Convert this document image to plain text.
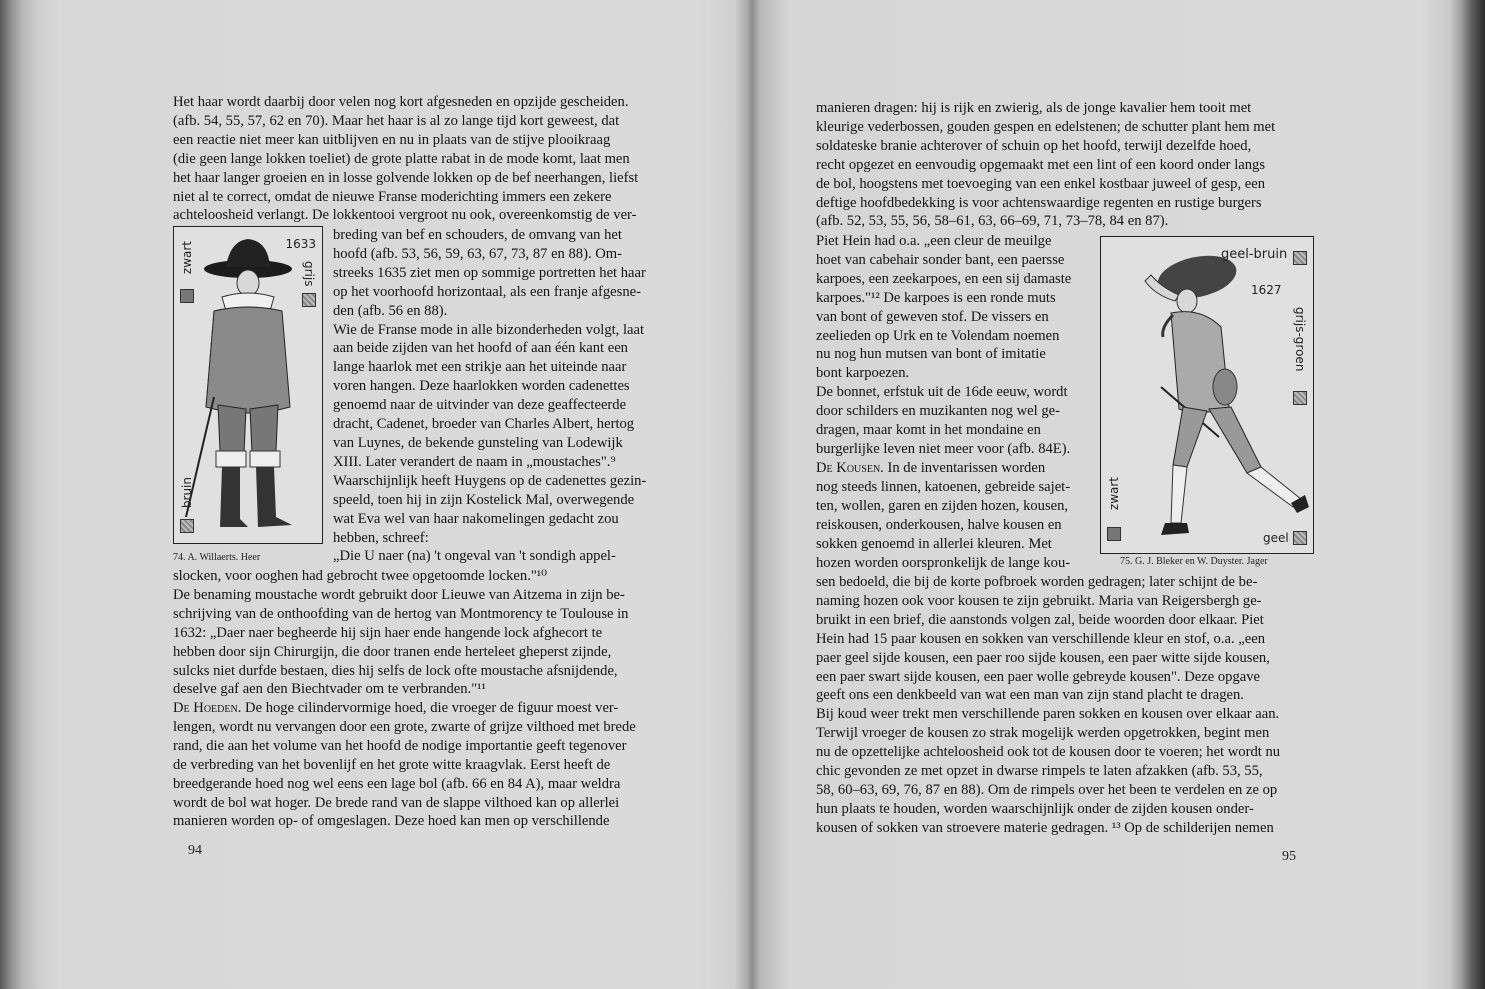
Het haar wordt daarbij door velen nog kort afgesneden en opzijde gescheiden.
(afb. 54, 55, 57, 62 en 70). Maar het haar is al zo lange tijd kort geweest, dat
een reactie niet meer kan uitblijven en nu in plaats van de stijve plooikraag
(die geen lange lokken toeliet) de grote platte rabat in de mode komt, laat men
het haar langer groeien en in losse golvende lokken op de bef neerhangen, liefst
niet al te correct, omdat de nieuwe Franse moderichting immers een zekere
achteloosheid verlangt. De lokkentooi vergroot nu ook, overeenkomstig de ver-
1633
zwart	grijs
bruin
74. A. Willaerts. Heer
breding van bef en schouders, de omvang van het
hoofd (afb. 53, 56, 59, 63, 67, 73, 87 en 88). Om-
streeks 1635 ziet men op sommige portretten het haar
op het voorhoofd horizontaal, als een franje afgesne-
den (afb. 56 en 88).
Wie de Franse mode in alle bizonderheden volgt, laat
aan beide zijden van het hoofd of aan één kant een
lange haarlok met een strikje aan het uiteinde naar
voren hangen. Deze haarlokken worden cadenettes
genoemd naar de uitvinder van deze geaffecteerde
dracht, Cadenet, broeder van Charles Albert, hertog
van Luynes, de bekende gunsteling van Lodewijk
XIII. Later verandert de naam in „moustaches".⁹
Waarschijnlijk heeft Huygens op de cadenettes gezin-
speeld, toen hij in zijn Kostelick Mal, overwegende
wat Eva wel van haar nakomelingen gedacht zou
hebben, schreef:
„Die U naer (na) 't ongeval van 't sondigh appel-
slocken, voor ooghen had gebrocht twee opgetoomde locken."¹⁰
De benaming moustache wordt gebruikt door Lieuwe van Aitzema in zijn be-
schrijving van de onthoofding van de hertog van Montmorency te Toulouse in
1632: „Daer naer begheerde hij sijn haer ende hangende lock afghecort te
hebben door sijn Chirurgijn, die door tranen ende herteleet gheperst zijnde,
sulcks niet durfde bestaen, dies hij selfs de lock ofte moustache afsnijdende,
deselve gaf aen den Biechtvader om te verbranden."¹¹
De Hoeden. De hoge cilindervormige hoed, die vroeger de figuur moest ver-
lengen, wordt nu vervangen door een grote, zwarte of grijze vilthoed met brede
rand, die aan het volume van het hoofd de nodige importantie geeft tegenover
de verbreding van het bovenlijf en het grote witte kraagvlak. Eerst heeft de
breedgerande hoed nog wel eens een lage bol (afb. 66 en 84 A), maar weldra
wordt de bol wat hoger. De brede rand van de slappe vilthoed kan op allerlei
manieren worden op- of omgeslagen. Deze hoed kan men op verschillende
94
manieren dragen: hij is rijk en zwierig, als de jonge kavalier hem tooit met
kleurige vederbossen, gouden gespen en edelstenen; de schutter plant hem met
soldateske branie achterover of schuin op het hoofd, terwijl dezelfde hoed,
recht opgezet en eenvoudig opgemaakt met een lint of een koord onder langs
de bol, hoogstens met toevoeging van een enkel kostbaar juweel of gesp, een
deftige hoofdbedekking is voor achtenswaardige regenten en rustige burgers
(afb. 52, 53, 55, 56, 58–61, 63, 66–69, 71, 73–78, 84 en 87).
Piet Hein had o.a. „een cleur de meuilge
hoet van cabehair sonder bant, een paersse
karpoes, een zeekarpoes, en een sij damaste
karpoes."¹² De karpoes is een ronde muts
van bont of geweven stof. De vissers en
zeelieden op Urk en te Volendam noemen
nu nog hun mutsen van bont of imitatie
bont karpoezen.
De bonnet, erfstuk uit de 16de eeuw, wordt
door schilders en muzikanten nog wel ge-
dragen, maar komt in het mondaine en
burgerlijke leven niet meer voor (afb. 84E).
De Kousen. In de inventarissen worden
nog steeds linnen, katoenen, gebreide sajet-
ten, wollen, garen en zijden hozen, kousen,
reiskousen, onderkousen, halve kousen en
sokken genoemd in allerlei kleuren. Met
hozen worden oorspronkelijk de lange kou-
geel-bruin
1627
grijs-groen
zwart
geel
75. G. J. Bleker en W. Duyster. Jager
sen bedoeld, die bij de korte pofbroek worden gedragen; later schijnt de be-
naming hozen ook voor kousen te zijn gebruikt. Maria van Reigersbergh ge-
bruikt in een brief, die aanstonds volgen zal, beide woorden door elkaar. Piet
Hein had 15 paar kousen en sokken van verschillende kleur en stof, o.a. „een
paer geel sijde kousen, een paer roo sijde kousen, een paer witte sijde kousen,
een paer swart sijde kousen, een paer wolle gebreyde kousen". Deze opgave
geeft ons een denkbeeld van wat een man van zijn stand placht te dragen.
Bij koud weer trekt men verschillende paren sokken en kousen over elkaar aan.
Terwijl vroeger de kousen zo strak mogelijk werden opgetrokken, begint men
nu de opzettelijke achteloosheid ook tot de kousen door te voeren; het wordt nu
chic gevonden ze met opzet in dwarse rimpels te laten afzakken (afb. 53, 55,
58, 60–63, 69, 76, 87 en 88). Om de rimpels over het been te verdelen en ze op
hun plaats te houden, worden waarschijnlijk onder de zijden kousen onder-
kousen of sokken van stroevere materie gedragen. ¹³ Op de schilderijen nemen
95
